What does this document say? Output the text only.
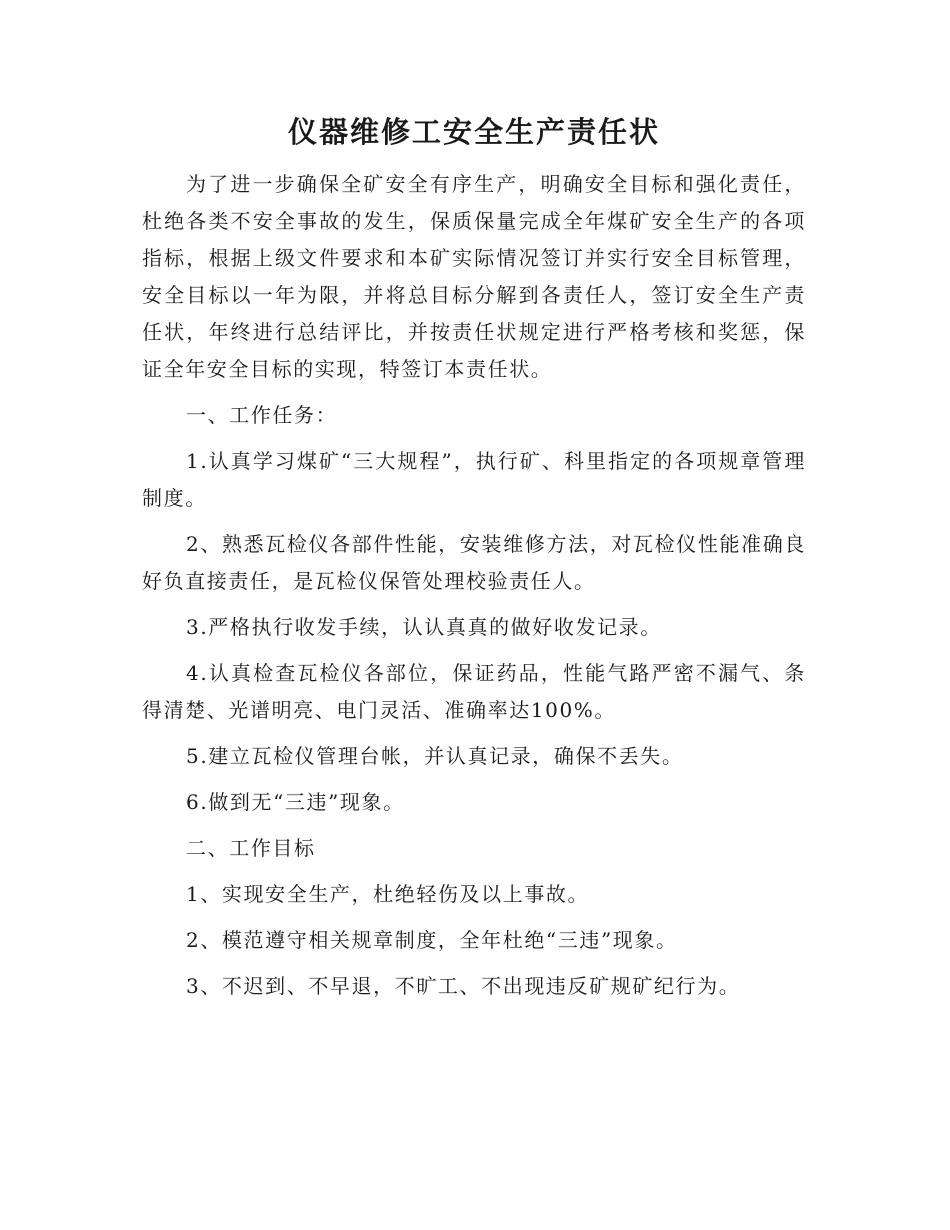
仪器维修工安全生产责任状

为了进一步确保全矿安全有序生产，明确安全目标和强化责任，杜绝各类不安全事故的发生，保质保量完成全年煤矿安全生产的各项指标，根据上级文件要求和本矿实际情况签订并实行安全目标管理，安全目标以一年为限，并将总目标分解到各责任人，签订安全生产责任状，年终进行总结评比，并按责任状规定进行严格考核和奖惩，保证全年安全目标的实现，特签订本责任状。

一、工作任务：

1.认真学习煤矿“三大规程”，执行矿、科里指定的各项规章管理制度。

2、熟悉瓦检仪各部件性能，安装维修方法，对瓦检仪性能准确良好负直接责任，是瓦检仪保管处理校验责任人。

3.严格执行收发手续，认认真真的做好收发记录。

4.认真检查瓦检仪各部位，保证药品，性能气路严密不漏气、条得清楚、光谱明亮、电门灵活、准确率达100%。

5.建立瓦检仪管理台帐，并认真记录，确保不丢失。

6.做到无“三违”现象。

二、工作目标

1、实现安全生产，杜绝轻伤及以上事故。

2、模范遵守相关规章制度，全年杜绝“三违”现象。

3、不迟到、不早退，不旷工、不出现违反矿规矿纪行为。
